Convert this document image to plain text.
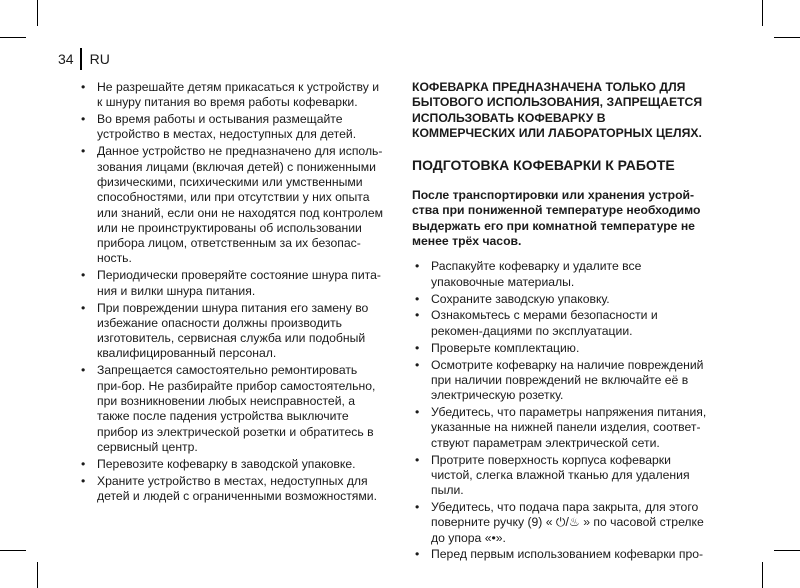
34 RU
• Не разрешайте детям прикасаться к устройству и к шнуру питания во время работы кофеварки.
• Во время работы и остывания размещайте устройство в местах, недоступных для детей.
• Данное устройство не предназначено для исполь-зования лицами (включая детей) с пониженными физическими, психическими или умственными способностями, или при отсутствии у них опыта или знаний, если они не находятся под контролем или не проинструктированы об использовании прибора лицом, ответственным за их безопас-ность.
• Периодически проверяйте состояние шнура пита-ния и вилки шнура питания.
• При повреждении шнура питания его замену во избежание опасности должны производить изготовитель, сервисная служба или подобный квалифицированный персонал.
• Запрещается самостоятельно ремонтировать при-бор. Не разбирайте прибор самостоятельно, при возникновении любых неисправностей, а также после падения устройства выключите прибор из электрической розетки и обратитесь в сервисный центр.
• Перевозите кофеварку в заводской упаковке.
• Храните устройство в местах, недоступных для детей и людей с ограниченными возможностями.

КОФЕВАРКА ПРЕДНАЗНАЧЕНА ТОЛЬКО ДЛЯ БЫТОВОГО ИСПОЛЬЗОВАНИЯ, ЗАПРЕЩАЕТСЯ ИСПОЛЬЗОВАТЬ КОФЕВАРКУ В КОММЕРЧЕСКИХ ИЛИ ЛАБОРАТОРНЫХ ЦЕЛЯХ.

ПОДГОТОВКА КОФЕВАРКИ К РАБОТЕ

После транспортировки или хранения устрой-ства при пониженной температуре необходимо выдержать его при комнатной температуре не менее трёх часов.

• Распакуйте кофеварку и удалите все упаковочные материалы.
• Сохраните заводскую упаковку.
• Ознакомьтесь с мерами безопасности и рекомен-дациями по эксплуатации.
• Проверьте комплектацию.
• Осмотрите кофеварку на наличие повреждений при наличии повреждений не включайте её в электрическую розетку.
• Убедитесь, что параметры напряжения питания, указанные на нижней панели изделия, соответ-ствуют параметрам электрической сети.
• Протрите поверхность корпуса кофеварки чистой, слегка влажной тканью для удаления пыли.
• Убедитесь, что подача пара закрыта, для этого поверните ручку (9) « ⏻/♨ » по часовой стрелке до упора «•».
• Перед первым использованием кофеварки про-
